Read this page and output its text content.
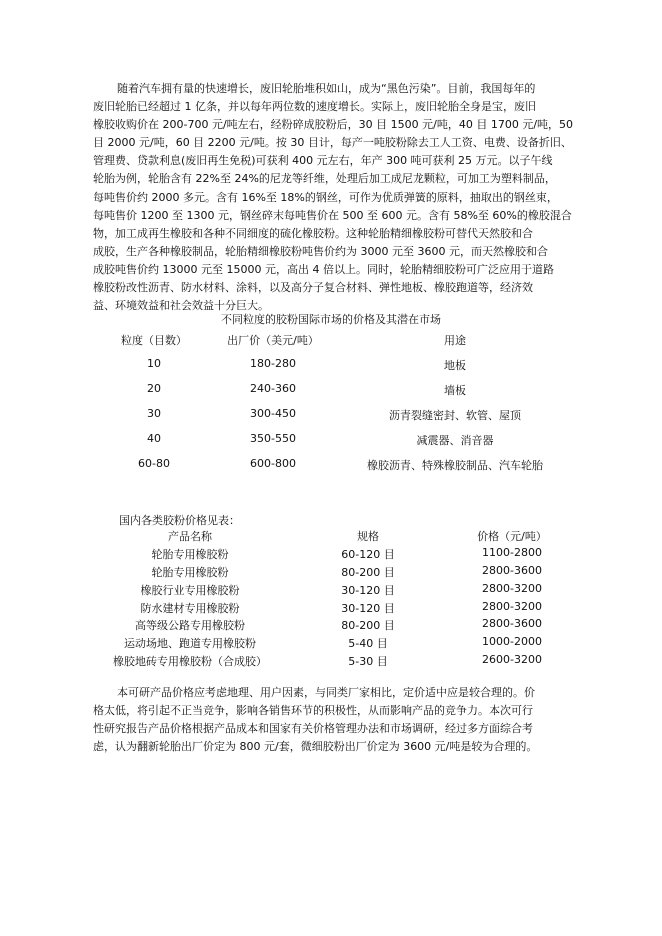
随着汽车拥有量的快速增长，废旧轮胎堆积如山，成为“黑色污染”。目前，我国每年的
废旧轮胎已经超过 1 亿条，并以每年两位数的速度增长。实际上，废旧轮胎全身是宝，废旧
橡胶收购价在 200-700 元/吨左右，经粉碎成胶粉后，30 目 1500 元/吨，40 目 1700 元/吨，50
目 2000 元/吨，60 目 2200 元/吨。按 30 目计，每产一吨胶粉除去工人工资、电费、设备折旧、
管理费、贷款利息(废旧再生免税)可获利 400 元左右，年产 300 吨可获利 25 万元。以子午线
轮胎为例，轮胎含有 22%至 24%的尼龙等纤维，处理后加工成尼龙颗粒，可加工为塑料制品，
每吨售价约 2000 多元。含有 16%至 18%的钢丝，可作为优质弹簧的原料，抽取出的钢丝束，
每吨售价 1200 至 1300 元，钢丝碎末每吨售价在 500 至 600 元。含有 58%至 60%的橡胶混合
物，加工成再生橡胶和各种不同细度的硫化橡胶粉。这种轮胎精细橡胶粉可替代天然胶和合
成胶，生产各种橡胶制品，轮胎精细橡胶粉吨售价约为 3000 元至 3600 元，而天然橡胶和合
成胶吨售价约 13000 元至 15000 元，高出 4 倍以上。同时，轮胎精细胶粉可广泛应用于道路
橡胶粉改性沥青、防水材料、涂料，以及高分子复合材料、弹性地板、橡胶跑道等，经济效
益、环境效益和社会效益十分巨大。
不同粒度的胶粉国际市场的价格及其潜在市场
粒度（目数）	出厂价（美元/吨）	用途
10	180-280	地板
20	240-360	墙板
30	300-450	沥青裂缝密封、软管、屋顶
40	350-550	减震器、消音器
60-80	600-800	橡胶沥青、特殊橡胶制品、汽车轮胎
国内各类胶粉价格见表：
产品名称	规格	价格（元/吨）
轮胎专用橡胶粉	60-120 目	1100-2800
轮胎专用橡胶粉	80-200 目	2800-3600
橡胶行业专用橡胶粉	30-120 目	2800-3200
防水建材专用橡胶粉	30-120 目	2800-3200
高等级公路专用橡胶粉	80-200 目	2800-3600
运动场地、跑道专用橡胶粉	5-40 目	1000-2000
橡胶地砖专用橡胶粉（合成胶）	5-30 目	2600-3200
本可研产品价格应考虑地理、用户因素，与同类厂家相比，定价适中应是较合理的。价
格太低，将引起不正当竞争，影响各销售环节的积极性，从而影响产品的竞争力。本次可行
性研究报告产品价格根据产品成本和国家有关价格管理办法和市场调研，经过多方面综合考
虑，认为翻新轮胎出厂价定为 800 元/套，微细胶粉出厂价定为 3600 元/吨是较为合理的。
